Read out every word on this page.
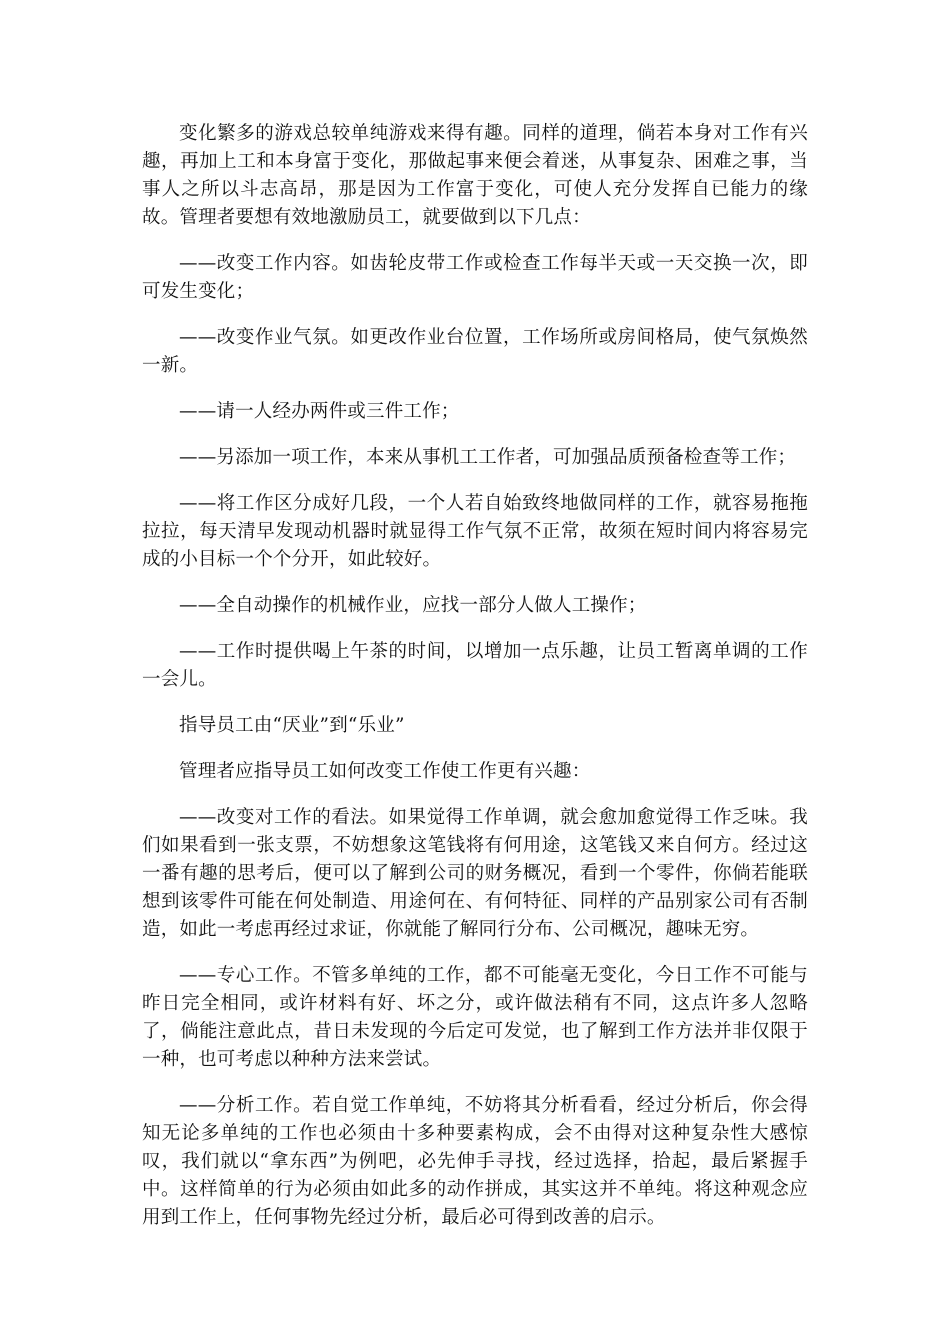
变化繁多的游戏总较单纯游戏来得有趣。同样的道理，倘若本身对工作有兴趣，再加上工和本身富于变化，那做起事来便会着迷，从事复杂、困难之事，当事人之所以斗志高昂，那是因为工作富于变化，可使人充分发挥自已能力的缘故。管理者要想有效地激励员工，就要做到以下几点：

——改变工作内容。如齿轮皮带工作或检查工作每半天或一天交换一次，即可发生变化；

——改变作业气氛。如更改作业台位置，工作场所或房间格局，使气氛焕然一新。

——请一人经办两件或三件工作；

——另添加一项工作，本来从事机工工作者，可加强品质预备检查等工作；

——将工作区分成好几段，一个人若自始致终地做同样的工作，就容易拖拖拉拉，每天清早发现动机器时就显得工作气氛不正常，故须在短时间内将容易完成的小目标一个个分开，如此较好。

——全自动操作的机械作业，应找一部分人做人工操作；

——工作时提供喝上午茶的时间，以增加一点乐趣，让员工暂离单调的工作一会儿。

指导员工由“厌业”到“乐业”

管理者应指导员工如何改变工作使工作更有兴趣：

——改变对工作的看法。如果觉得工作单调，就会愈加愈觉得工作乏味。我们如果看到一张支票，不妨想象这笔钱将有何用途，这笔钱又来自何方。经过这一番有趣的思考后，便可以了解到公司的财务概况，看到一个零件，你倘若能联想到该零件可能在何处制造、用途何在、有何特征、同样的产品别家公司有否制造，如此一考虑再经过求证，你就能了解同行分布、公司概况，趣味无穷。

——专心工作。不管多单纯的工作，都不可能毫无变化，今日工作不可能与昨日完全相同，或许材料有好、坏之分，或许做法稍有不同，这点许多人忽略了，倘能注意此点，昔日未发现的今后定可发觉，也了解到工作方法并非仅限于一种，也可考虑以种种方法来尝试。

——分析工作。若自觉工作单纯，不妨将其分析看看，经过分析后，你会得知无论多单纯的工作也必须由十多种要素构成，会不由得对这种复杂性大感惊叹，我们就以“拿东西”为例吧，必先伸手寻找，经过选择，拾起，最后紧握手中。这样简单的行为必须由如此多的动作拼成，其实这并不单纯。将这种观念应用到工作上，任何事物先经过分析，最后必可得到改善的启示。
